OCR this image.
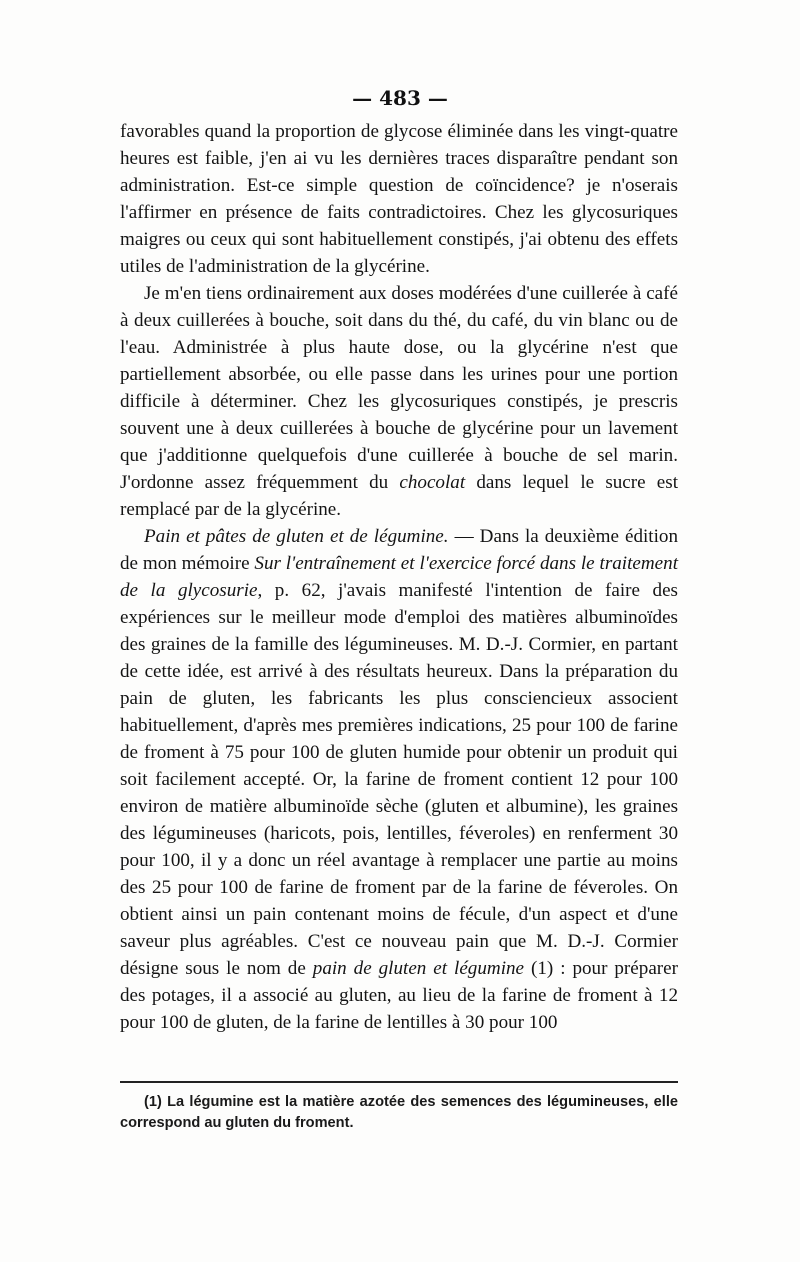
— 483 —

favorables quand la proportion de glycose éliminée dans les vingt-quatre heures est faible, j'en ai vu les dernières traces disparaître pendant son administration. Est-ce simple question de coïncidence? je n'oserais l'affirmer en présence de faits contradictoires. Chez les glycosuriques maigres ou ceux qui sont habituellement constipés, j'ai obtenu des effets utiles de l'administration de la glycérine.

Je m'en tiens ordinairement aux doses modérées d'une cuillerée à café à deux cuillerées à bouche, soit dans du thé, du café, du vin blanc ou de l'eau. Administrée à plus haute dose, ou la glycérine n'est que partiellement absorbée, ou elle passe dans les urines pour une portion difficile à déterminer. Chez les glycosuriques constipés, je prescris souvent une à deux cuillerées à bouche de glycérine pour un lavement que j'additionne quelquefois d'une cuillerée à bouche de sel marin. J'ordonne assez fréquemment du chocolat dans lequel le sucre est remplacé par de la glycérine.

Pain et pâtes de gluten et de légumine. — Dans la deuxième édition de mon mémoire Sur l'entraînement et l'exercice forcé dans le traitement de la glycosurie, p. 62, j'avais manifesté l'intention de faire des expériences sur le meilleur mode d'emploi des matières albuminoïdes des graines de la famille des légumineuses. M. D.-J. Cormier, en partant de cette idée, est arrivé à des résultats heureux. Dans la préparation du pain de gluten, les fabricants les plus consciencieux associent habituellement, d'après mes premières indications, 25 pour 100 de farine de froment à 75 pour 100 de gluten humide pour obtenir un produit qui soit facilement accepté. Or, la farine de froment contient 12 pour 100 environ de matière albuminoïde sèche (gluten et albumine), les graines des légumineuses (haricots, pois, lentilles, féveroles) en renferment 30 pour 100, il y a donc un réel avantage à remplacer une partie au moins des 25 pour 100 de farine de froment par de la farine de féveroles. On obtient ainsi un pain contenant moins de fécule, d'un aspect et d'une saveur plus agréables. C'est ce nouveau pain que M. D.-J. Cormier désigne sous le nom de pain de gluten et légumine (1) : pour préparer des potages, il a associé au gluten, au lieu de la farine de froment à 12 pour 100 de gluten, de la farine de lentilles à 30 pour 100

(1) La légumine est la matière azotée des semences des légumineuses, elle correspond au gluten du froment.
